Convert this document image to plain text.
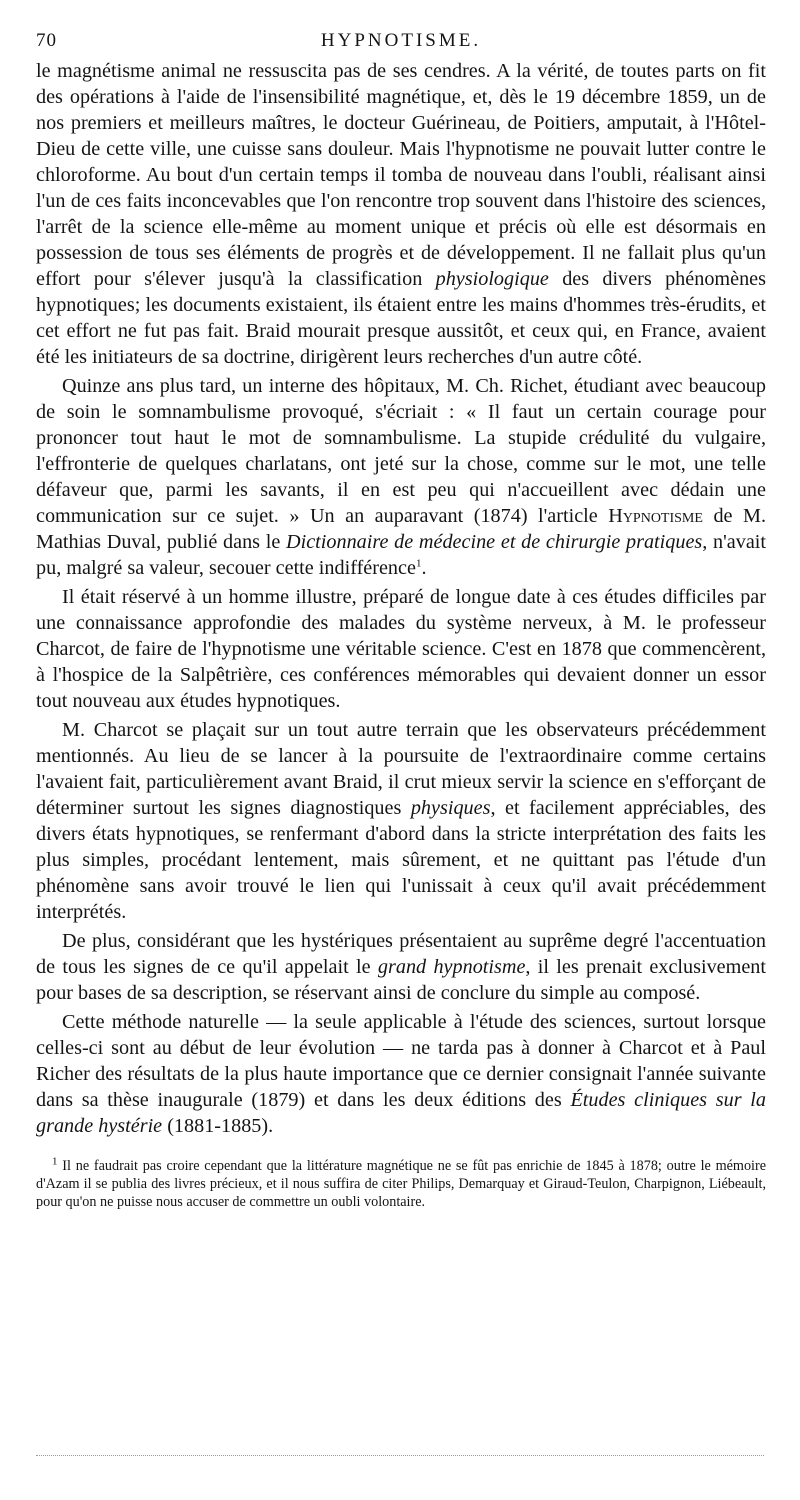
70	HYPNOTISME.

le magnétisme animal ne ressuscita pas de ses cendres. A la vérité, de toutes parts on fit des opérations à l'aide de l'insensibilité magnétique, et, dès le 19 décembre 1859, un de nos premiers et meilleurs maîtres, le docteur Guérineau, de Poitiers, amputait, à l'Hôtel-Dieu de cette ville, une cuisse sans douleur. Mais l'hypnotisme ne pouvait lutter contre le chloroforme. Au bout d'un certain temps il tomba de nouveau dans l'oubli, réalisant ainsi l'un de ces faits inconcevables que l'on rencontre trop souvent dans l'histoire des sciences, l'arrêt de la science elle-même au moment unique et précis où elle est désormais en possession de tous ses éléments de progrès et de développement. Il ne fallait plus qu'un effort pour s'élever jusqu'à la classification physiologique des divers phénomènes hypnotiques; les documents existaient, ils étaient entre les mains d'hommes très-érudits, et cet effort ne fut pas fait. Braid mourait presque aussitôt, et ceux qui, en France, avaient été les initiateurs de sa doctrine, dirigèrent leurs recherches d'un autre côté.

Quinze ans plus tard, un interne des hôpitaux, M. Ch. Richet, étudiant avec beaucoup de soin le somnambulisme provoqué, s'écriait : « Il faut un certain courage pour prononcer tout haut le mot de somnambulisme. La stupide crédulité du vulgaire, l'effronterie de quelques charlatans, ont jeté sur la chose, comme sur le mot, une telle défaveur que, parmi les savants, il en est peu qui n'accueillent avec dédain une communication sur ce sujet. » Un an auparavant (1874) l'article Hypnotisme de M. Mathias Duval, publié dans le Dictionnaire de médecine et de chirurgie pratiques, n'avait pu, malgré sa valeur, secouer cette indifférence$^1$.

Il était réservé à un homme illustre, préparé de longue date à ces études difficiles par une connaissance approfondie des malades du système nerveux, à M. le professeur Charcot, de faire de l'hypnotisme une véritable science. C'est en 1878 que commencèrent, à l'hospice de la Salpêtrière, ces conférences mémorables qui devaient donner un essor tout nouveau aux études hypnotiques.

M. Charcot se plaçait sur un tout autre terrain que les observateurs précédemment mentionnés. Au lieu de se lancer à la poursuite de l'extraordinaire comme certains l'avaient fait, particulièrement avant Braid, il crut mieux servir la science en s'efforçant de déterminer surtout les signes diagnostiques physiques, et facilement appréciables, des divers états hypnotiques, se renfermant d'abord dans la stricte interprétation des faits les plus simples, procédant lentement, mais sûrement, et ne quittant pas l'étude d'un phénomène sans avoir trouvé le lien qui l'unissait à ceux qu'il avait précédemment interprétés.

De plus, considérant que les hystériques présentaient au suprême degré l'accentuation de tous les signes de ce qu'il appelait le grand hypnotisme, il les prenait exclusivement pour bases de sa description, se réservant ainsi de conclure du simple au composé.

Cette méthode naturelle — la seule applicable à l'étude des sciences, surtout lorsque celles-ci sont au début de leur évolution — ne tarda pas à donner à Charcot et à Paul Richer des résultats de la plus haute importance que ce dernier consignait l'année suivante dans sa thèse inaugurale (1879) et dans les deux éditions des Études cliniques sur la grande hystérie (1881-1885).

$^1$ Il ne faudrait pas croire cependant que la littérature magnétique ne se fût pas enrichie de 1845 à 1878; outre le mémoire d'Azam il se publia des livres précieux, et il nous suffira de citer Philips, Demarquay et Giraud-Teulon, Charpignon, Liébeault, pour qu'on ne puisse nous accuser de commettre un oubli volontaire.
